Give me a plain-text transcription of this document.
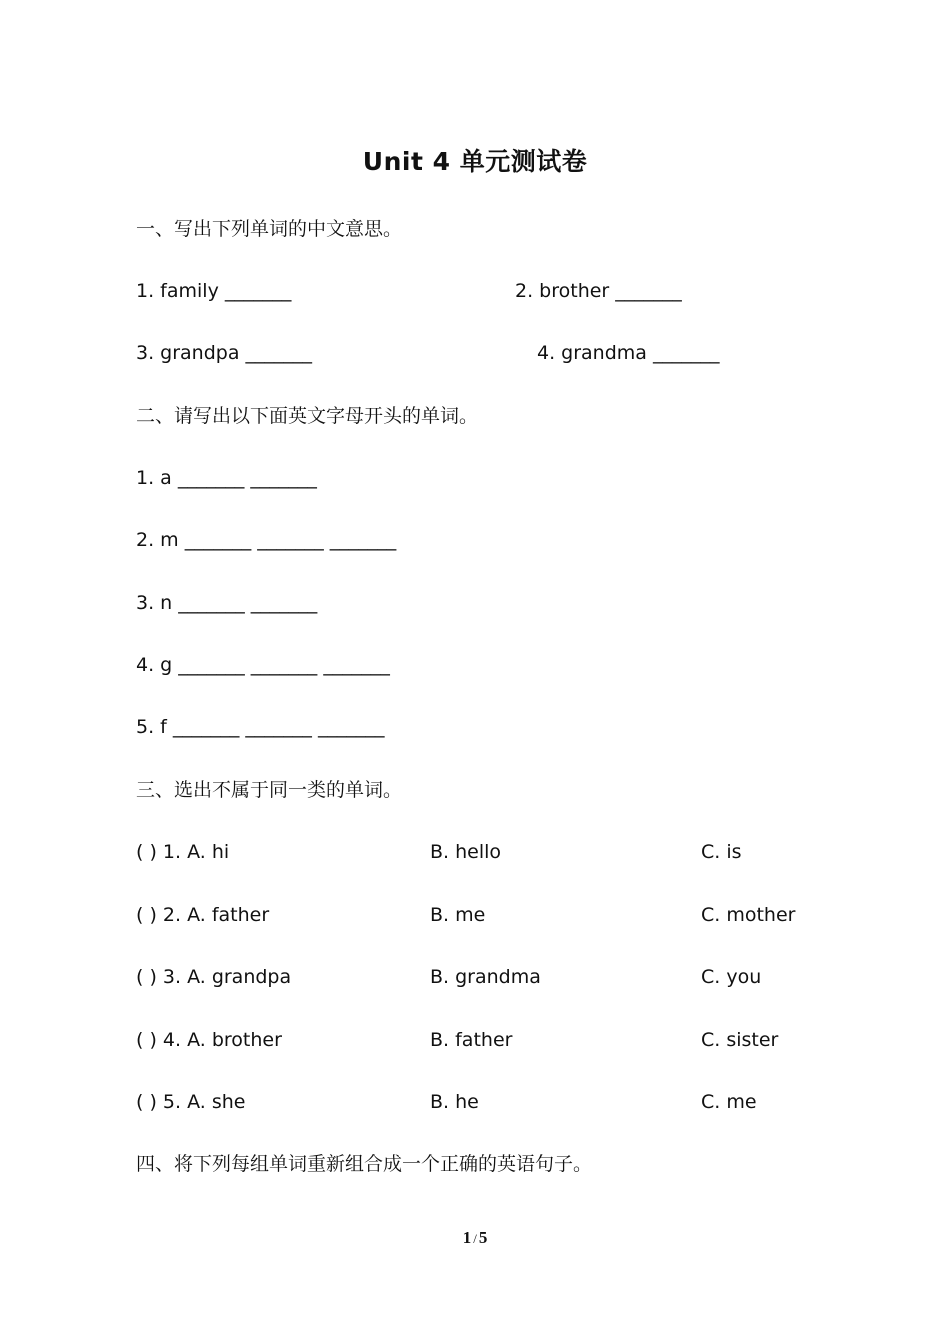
Unit 4 单元测试卷
一、写出下列单词的中文意思。
1. family _______	2. brother _______
3. grandpa _______	4. grandma _______
二、请写出以下面英文字母开头的单词。
1. a _______ _______
2. m _______ _______ _______
3. n _______ _______
4. g _______ _______ _______
5. f _______ _______ _______
三、选出不属于同一类的单词。
( ) 1. A. hi	B. hello	C. is
( ) 2. A. father	B. me	C. mother
( ) 3. A. grandpa	B. grandma	C. you
( ) 4. A. brother	B. father	C. sister
( ) 5. A. she	B. he	C. me
四、将下列每组单词重新组合成一个正确的英语句子。
1 / 5
